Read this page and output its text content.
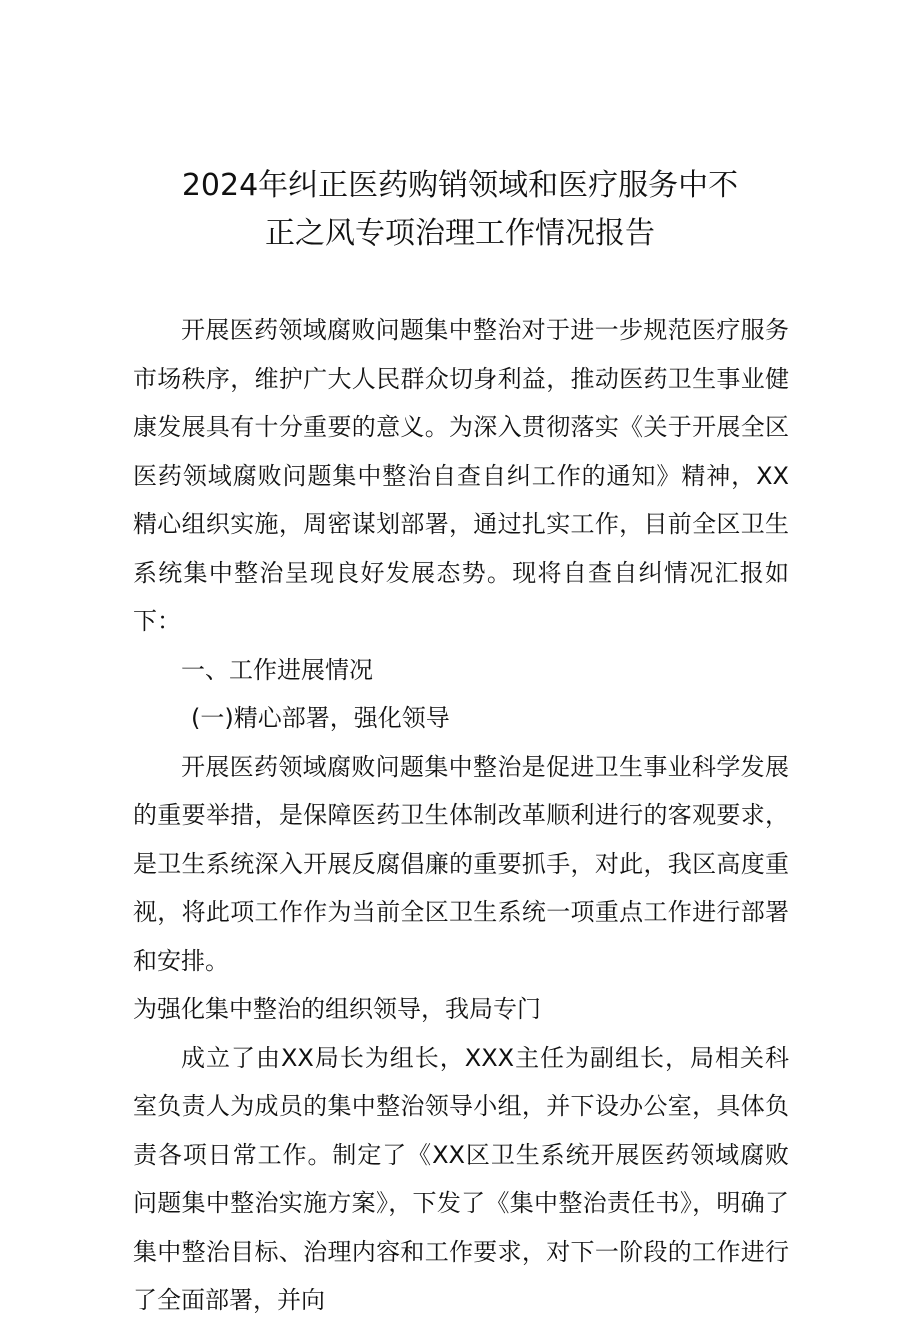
2024年纠正医药购销领域和医疗服务中不
正之风专项治理工作情况报告

开展医药领域腐败问题集中整治对于进一步规范医疗服务市场秩序，维护广大人民群众切身利益，推动医药卫生事业健康发展具有十分重要的意义。为深入贯彻落实《关于开展全区医药领域腐败问题集中整治自查自纠工作的通知》精神，XX精心组织实施，周密谋划部署，通过扎实工作，目前全区卫生系统集中整治呈现良好发展态势。现将自查自纠情况汇报如下：

一、工作进展情况

(一)精心部署，强化领导

开展医药领域腐败问题集中整治是促进卫生事业科学发展的重要举措，是保障医药卫生体制改革顺利进行的客观要求，是卫生系统深入开展反腐倡廉的重要抓手，对此，我区高度重视，将此项工作作为当前全区卫生系统一项重点工作进行部署和安排。

为强化集中整治的组织领导，我局专门

成立了由XX局长为组长，XXX主任为副组长，局相关科室负责人为成员的集中整治领导小组，并下设办公室，具体负责各项日常工作。制定了《XX区卫生系统开展医药领域腐败问题集中整治实施方案》，下发了《集中整治责任书》，明确了集中整治目标、治理内容和工作要求，对下一阶段的工作进行了全面部署，并向
